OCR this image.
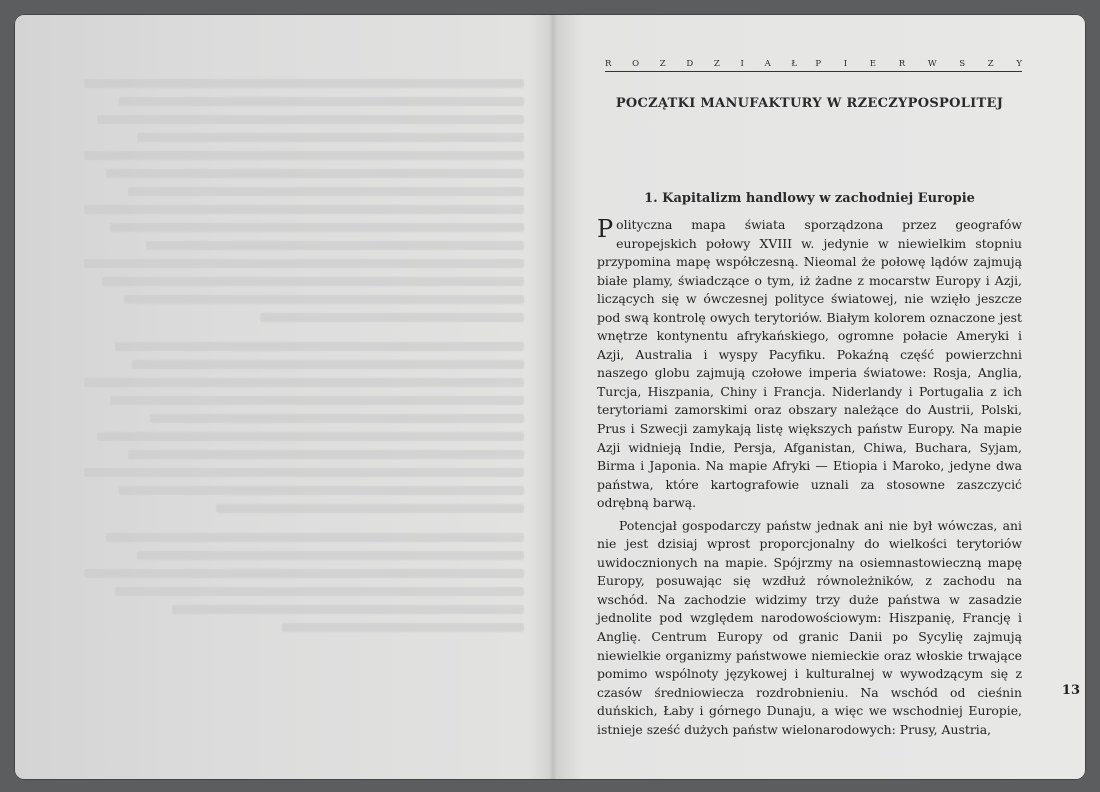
R O Z D Z I A Ł P I E R W S Z Y
POCZĄTKI MANUFAKTURY W RZECZYPOSPOLITEJ
1. Kapitalizm handlowy w zachodniej Europie

Polityczna mapa świata sporządzona przez geografów europejskich połowy XVIII w. jedynie w niewielkim stopniu przypomina mapę współczesną. Nieomal że połowę lądów zajmują białe plamy, świadczące o tym, iż żadne z mocarstw Europy i Azji, liczących się w ówczesnej polityce światowej, nie wzięło jeszcze pod swą kontrolę owych terytoriów. Białym kolorem oznaczone jest wnętrze kontynentu afrykańskiego, ogromne połacie Ameryki i Azji, Australia i wyspy Pacyfiku. Pokaźną część powierzchni naszego globu zajmują czołowe imperia światowe: Rosja, Anglia, Turcja, Hiszpania, Chiny i Francja. Niderlandy i Portugalia z ich terytoriami zamorskimi oraz obszary należące do Austrii, Polski, Prus i Szwecji zamykają listę większych państw Europy. Na mapie Azji widnieją Indie, Persja, Afganistan, Chiwa, Buchara, Syjam, Birma i Japonia. Na mapie Afryki — Etiopia i Maroko, jedyne dwa państwa, które kartografowie uznali za stosowne zaszczycić odrębną barwą.

Potencjał gospodarczy państw jednak ani nie był wówczas, ani nie jest dzisiaj wprost proporcjonalny do wielkości terytoriów uwidocznionych na mapie. Spójrzmy na osiemnastowieczną mapę Europy, posuwając się wzdłuż równoleżników, z zachodu na wschód. Na zachodzie widzimy trzy duże państwa w zasadzie jednolite pod względem narodowościowym: Hiszpanię, Francję i Anglię. Centrum Europy od granic Danii po Sycylię zajmują niewielkie organizmy państwowe niemieckie oraz włoskie trwające pomimo wspólnoty językowej i kulturalnej w wywodzącym się z czasów średniowiecza rozdrobnieniu. Na wschód od cieśnin duńskich, Łaby i górnego Dunaju, a więc we wschodniej Europie, istnieje sześć dużych państw wielonarodowych: Prusy, Austria,

13
